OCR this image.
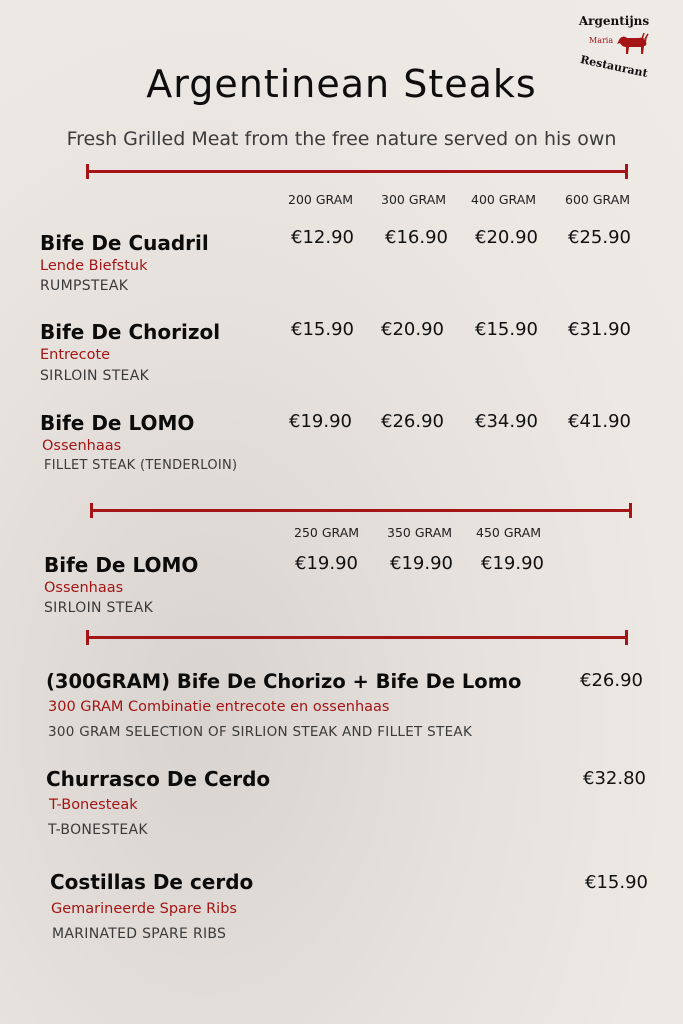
Argentijns
Maria
Restaurant
Argentinean Steaks
Fresh Grilled Meat from the free nature served on his own
200 GRAM 300 GRAM 400 GRAM 600 GRAM
Bife De Cuadril
Lende Biefstuk
RUMPSTEAK
€12.90 €16.90 €20.90 €25.90
Bife De Chorizol
Entrecote
SIRLOIN STEAK
€15.90 €20.90 €15.90 €31.90
Bife De LOMO
Ossenhaas
FILLET STEAK (TENDERLOIN)
€19.90 €26.90 €34.90 €41.90
250 GRAM 350 GRAM 450 GRAM
Bife De LOMO
Ossenhaas
SIRLOIN STEAK
€19.90 €19.90 €19.90
(300GRAM) Bife De Chorizo + Bife De Lomo
300 GRAM Combinatie entrecote en ossenhaas
300 GRAM SELECTION OF SIRLION STEAK AND FILLET STEAK
€26.90
Churrasco De Cerdo
T-Bonesteak
T-BONESTEAK
€32.80
Costillas De cerdo
Gemarineerde Spare Ribs
MARINATED SPARE RIBS
€15.90
